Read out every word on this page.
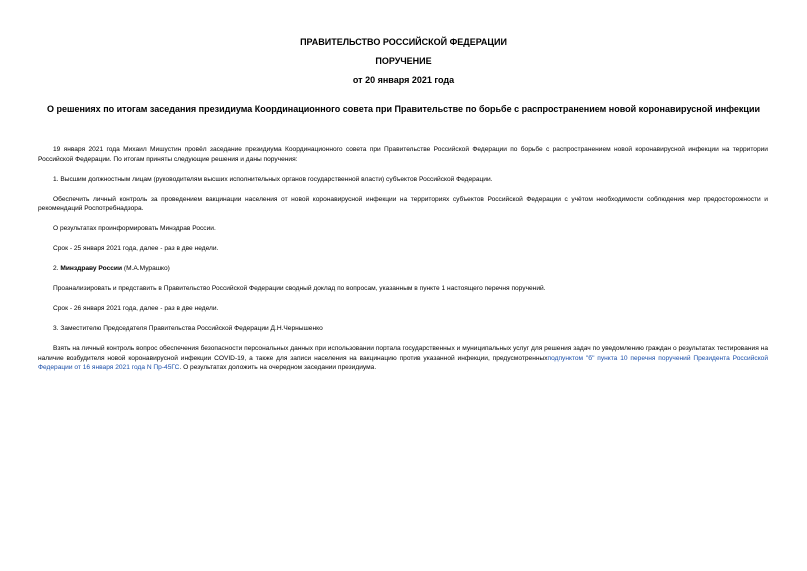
ПРАВИТЕЛЬСТВО РОССИЙСКОЙ ФЕДЕРАЦИИ
ПОРУЧЕНИЕ
от 20 января 2021 года
О решениях по итогам заседания президиума Координационного совета при Правительстве по борьбе с распространением новой коронавирусной инфекции

19 января 2021 года Михаил Мишустин провёл заседание президиума Координационного совета при Правительстве Российской Федерации по борьбе с распространением новой коронавирусной инфекции на территории Российской Федерации. По итогам приняты следующие решения и даны поручения:

1. Высшим должностным лицам (руководителям высших исполнительных органов государственной власти) субъектов Российской Федерации.

Обеспечить личный контроль за проведением вакцинации населения от новой коронавирусной инфекции на территориях субъектов Российской Федерации с учётом необходимости соблюдения мер предосторожности и рекомендаций Роспотребнадзора.

О результатах проинформировать Минздрав России.

Срок - 25 января 2021 года, далее - раз в две недели.

2. Минздраву России (М.А.Мурашко)

Проанализировать и представить в Правительство Российской Федерации сводный доклад по вопросам, указанным в пункте 1 настоящего перечня поручений.

Срок - 26 января 2021 года, далее - раз в две недели.

3. Заместителю Председателя Правительства Российской Федерации Д.Н.Чернышенко

Взять на личный контроль вопрос обеспечения безопасности персональных данных при использовании портала государственных и муниципальных услуг для решения задач по уведомлению граждан о результатах тестирования на наличие возбудителя новой коронавирусной инфекции COVID-19, а также для записи населения на вакцинацию против указанной инфекции, предусмотренныхподпунктом "б" пункта 10 перечня поручений Президента Российской Федерации от 16 января 2021 года N Пр-45ГС. О результатах доложить на очередном заседании президиума.
